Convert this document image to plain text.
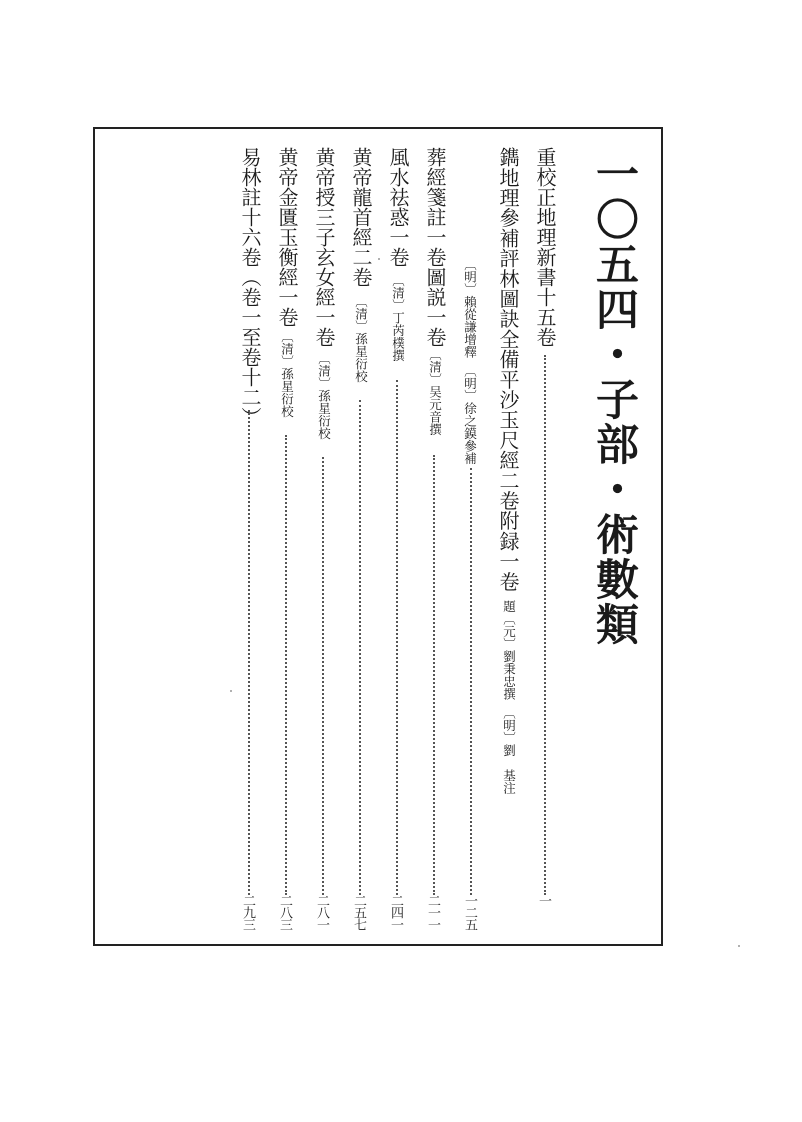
一〇五四・子部・術數類
重校正地理新書十五卷
一
鐫地理參補評林圖訣全備平沙玉尺經二卷附録一卷
題〔元〕劉秉忠撰　〔明〕劉　基注
〔明〕賴從謙增釋　〔明〕徐之鏌參補
一二五
葬經箋註一卷圖説一卷
〔清〕吴元音撰
二一一
風水祛惑一卷
〔清〕丁芮樸撰
二四一
黄帝龍首經二卷
〔清〕孫星衍校
二五七
黄帝授三子玄女經一卷
〔清〕孫星衍校
二八一
黄帝金匱玉衡經一卷
〔清〕孫星衍校
二八三
易林註十六卷（卷一至卷十二）
二九三
